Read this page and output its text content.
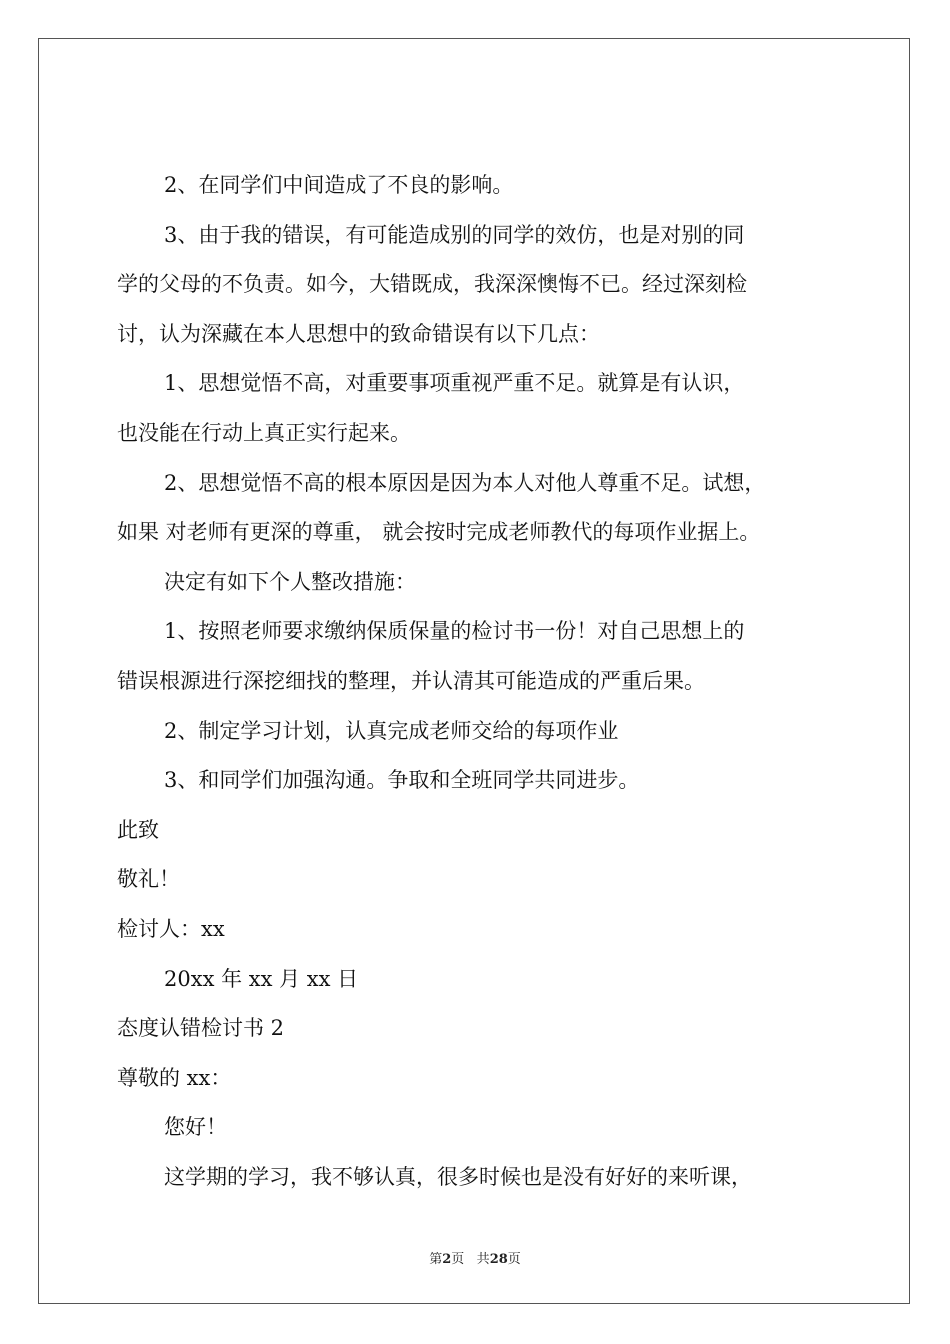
2、在同学们中间造成了不良的影响。
3、由于我的错误，有可能造成别的同学的效仿，也是对别的同
学的父母的不负责。如今，大错既成，我深深懊悔不已。经过深刻检
讨，认为深藏在本人思想中的致命错误有以下几点：
1、思想觉悟不高，对重要事项重视严重不足。就算是有认识，
也没能在行动上真正实行起来。
2、思想觉悟不高的根本原因是因为本人对他人尊重不足。试想，
如果 对老师有更深的尊重， 就会按时完成老师教代的每项作业据上。
决定有如下个人整改措施：
1、按照老师要求缴纳保质保量的检讨书一份！对自己思想上的
错误根源进行深挖细找的整理，并认清其可能造成的严重后果。
2、制定学习计划，认真完成老师交给的每项作业
3、和同学们加强沟通。争取和全班同学共同进步。
此致
敬礼！
检讨人：xx
20xx 年 xx 月 xx 日
态度认错检讨书 2
尊敬的 xx：
您好！
这学期的学习，我不够认真，很多时候也是没有好好的来听课，
第2页 共28页
